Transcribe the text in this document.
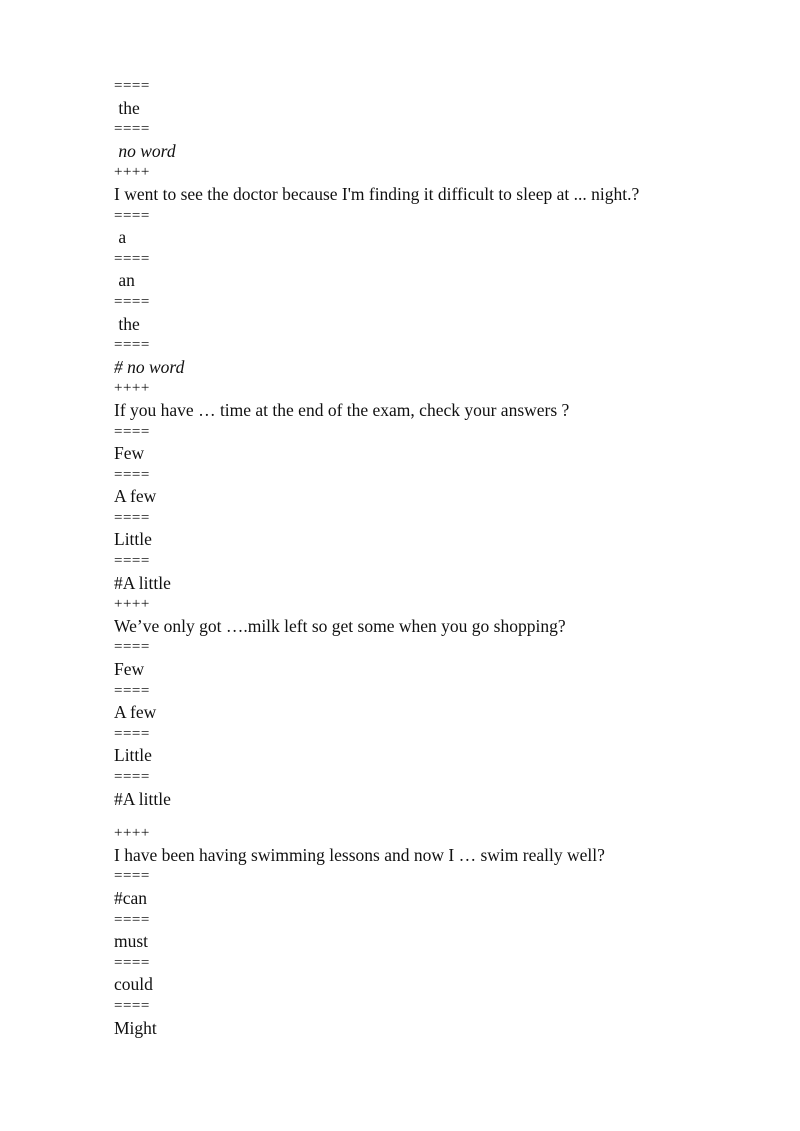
====
the
====
no word
++++
I went to see the doctor because I'm finding it difficult to sleep at ... night.?
====
a
====
an
====
the
====
# no word
++++
If you have … time at the end of the exam, check your answers ?
====
Few
====
A few
====
Little
====
#A little
++++
We’ve only got ….milk left so get some when you go shopping?
====
Few
====
A few
====
Little
====
#A little
++++
I have been having swimming lessons and now I … swim really well?
====
#can
====
must
====
could
====
Might
